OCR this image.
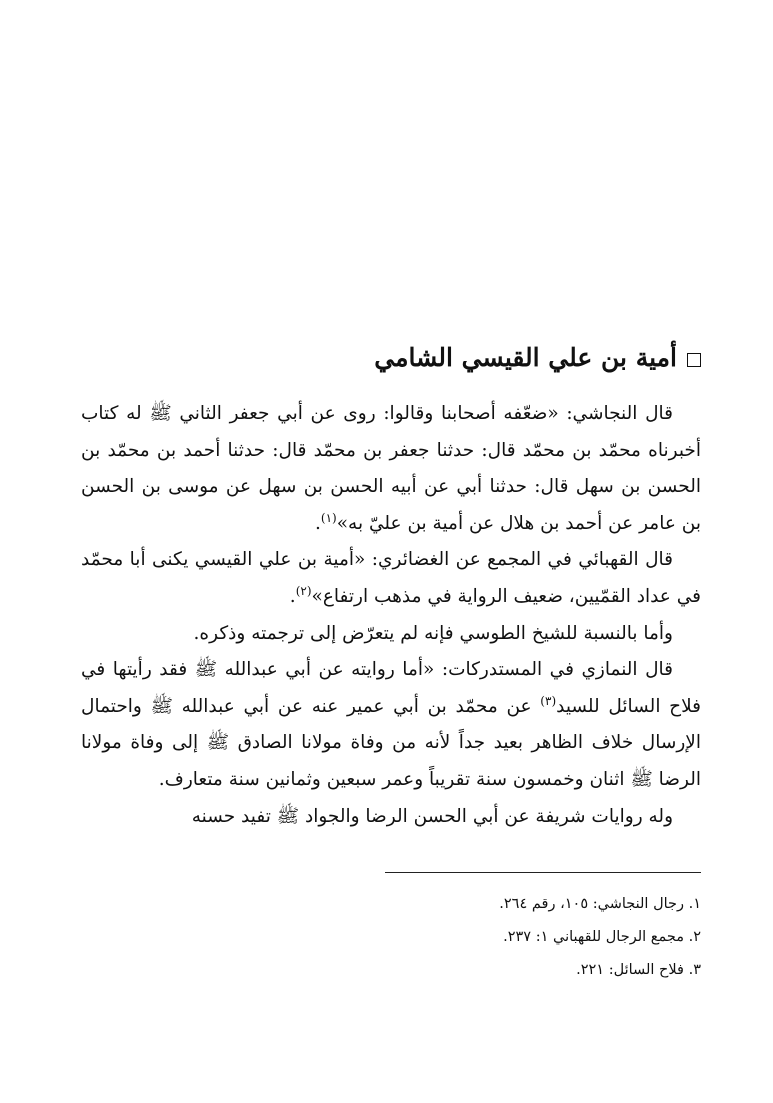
أمية بن علي القيسي الشامي

قال النجاشي: «ضعّفه أصحابنا وقالوا: روى عن أبي جعفر الثاني ﷺ له كتاب أخبرناه محمّد بن محمّد قال: حدثنا جعفر بن محمّد قال: حدثنا أحمد بن محمّد بن الحسن بن سهل قال: حدثنا أبي عن أبيه الحسن بن سهل عن موسى بن الحسن بن عامر عن أحمد بن هلال عن أمية بن عليّ به»$^{(١)}$.

قال القهبائي في المجمع عن الغضائري: «أمية بن علي القيسي يكنى أبا محمّد في عداد القمّيين، ضعيف الرواية في مذهب ارتفاع»$^{(٢)}$.

وأما بالنسبة للشيخ الطوسي فإنه لم يتعرّض إلى ترجمته وذكره.

قال النمازي في المستدركات: «أما روايته عن أبي عبدالله ﷺ فقد رأيتها في فلاح السائل للسيد$^{(٣)}$ عن محمّد بن أبي عمير عنه عن أبي عبدالله ﷺ واحتمال الإرسال خلاف الظاهر بعيد جداً لأنه من وفاة مولانا الصادق ﷺ إلى وفاة مولانا الرضا ﷺ اثنان وخمسون سنة تقريباً وعمر سبعين وثمانين سنة متعارف.

وله روايات شريفة عن أبي الحسن الرضا والجواد ﷺ تفيد حسنه

١. رجال النجاشي: ١٠٥، رقم ٢٦٤.
٢. مجمع الرجال للقهباني ١: ٢٣٧.
٣. فلاح السائل: ٢٢١.
